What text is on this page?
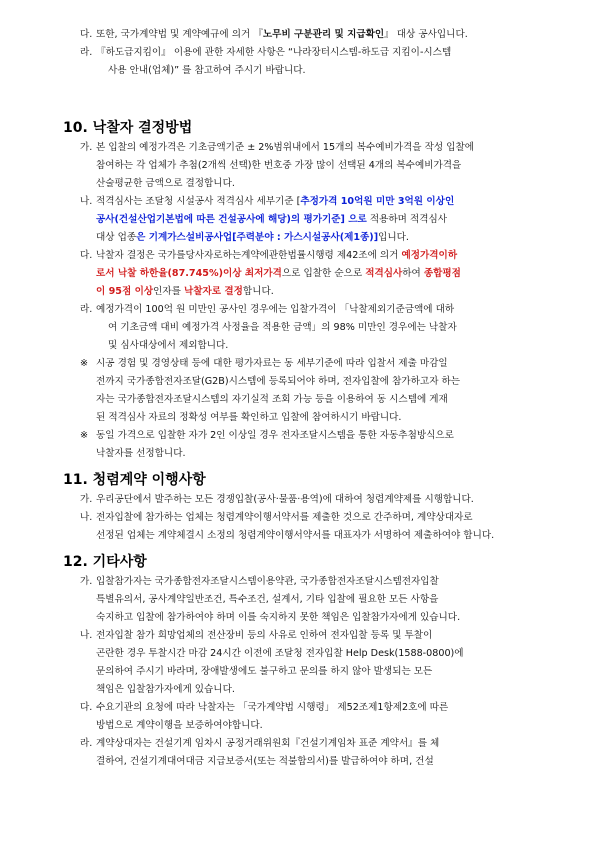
10. 낙찰자 결정방법
11. 청렴계약 이행사항
12. 기타사항
다. 또한, 국가계약법 및 계약예규에 의거 『노무비 구분관리 및 지급확인』 대상 공사입니다.
라. 『하도급지킴이』 이용에 관한 자세한 사항은 “나라장터시스템-하도급 지킴이-시스템
사용 안내(업체)” 를 참고하여 주시기 바랍니다.
가. 본 입찰의 예정가격은 기초금액기준 ± 2%범위내에서 15개의 복수예비가격을 작성 입찰에
참여하는 각 업체가 추첨(2개씩 선택)한 번호중 가장 많이 선택된 4개의 복수예비가격을
산술평균한 금액으로 결정합니다.
나. 적격심사는 조달청 시설공사 적격심사 세부기준 [추정가격 10억원 미만 3억원 이상인
공사(건설산업기본법에 따른 건설공사에 해당)의 평가기준] 으로 적용하며 적격심사
대상 업종은 기계가스설비공사업[주력분야 : 가스시설공사(제1종)]입니다.
다. 낙찰자 결정은 국가를당사자로하는계약에관한법률시행령 제42조에 의거 예정가격이하
로서 낙찰 하한율(87.745%)이상 최저가격으로 입찰한 순으로 적격심사하여 종합평점
이 95점 이상인자를 낙찰자로 결정합니다.
라. 예정가격이 100억 원 미만인 공사인 경우에는 입찰가격이 「낙찰제외기준금액에 대하
여 기초금액 대비 예정가격 사정율을 적용한 금액」의 98% 미만인 경우에는 낙찰자
및 심사대상에서 제외합니다.
※ 시공 경험 및 경영상태 등에 대한 평가자료는 동 세부기준에 따라 입찰서 제출 마감일
전까지 국가종합전자조달(G2B)시스템에 등록되어야 하며, 전자입찰에 참가하고자 하는
자는 국가종합전자조달시스템의 자기실적 조회 가능 등을 이용하여 동 시스템에 게재
된 적격심사 자료의 정확성 여부를 확인하고 입찰에 참여하시기 바랍니다.
※ 동일 가격으로 입찰한 자가 2인 이상일 경우 전자조달시스템을 통한 자동추첨방식으로
낙찰자를 선정합니다.
가. 우리공단에서 발주하는 모든 경쟁입찰(공사·물품·용역)에 대하여 청렴계약제를 시행합니다.
나. 전자입찰에 참가하는 업체는 청렴계약이행서약서를 제출한 것으로 간주하며, 계약상대자로
선정된 업체는 계약체결시 소정의 청렴계약이행서약서를 대표자가 서명하여 제출하여야 합니다.
가. 입찰참가자는 국가종합전자조달시스템이용약관, 국가종합전자조달시스템전자입찰
특별유의서, 공사계약일반조건, 특수조건, 설계서, 기타 입찰에 필요한 모든 사항을
숙지하고 입찰에 참가하여야 하며 이를 숙지하지 못한 책임은 입찰참가자에게 있습니다.
나. 전자입찰 참가 희망업체의 전산장비 등의 사유로 인하여 전자입찰 등록 및 투찰이
곤란한 경우 투찰시간 마감 24시간 이전에 조달청 전자입찰 Help Desk(1588-0800)에
문의하여 주시기 바라며, 장애발생에도 불구하고 문의를 하지 않아 발생되는 모든
책임은 입찰참가자에게 있습니다.
다. 수요기관의 요청에 따라 낙찰자는 「국가계약법 시행령」 제52조제1항제2호에 따른
방법으로 계약이행을 보증하여야합니다.
라. 계약상대자는 건설기계 임차시 공정거래위원회『건설기계임차 표준 계약서』를 체
결하여, 건설기계대여대금 지급보증서(또는 적불합의서)를 발급하여야 하며, 건설
